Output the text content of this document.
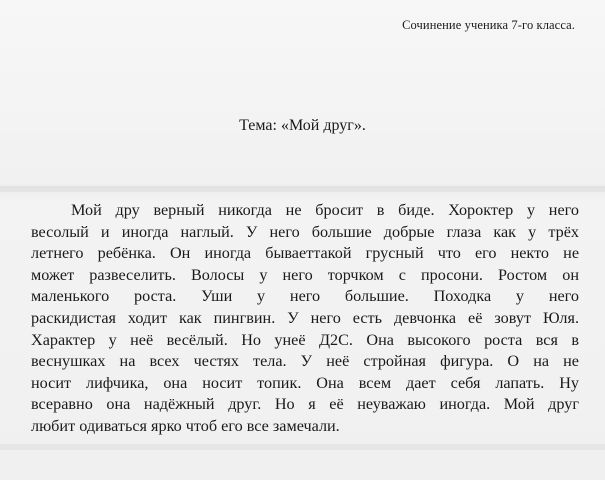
Сочинение ученика 7-го класса.
Тема: «Мой друг».
Мой дру верный никогда не бросит в биде. Хороктер у него
весолый и иногда наглый. У него большие добрые глаза как у трёх
летнего ребёнка. Он иногда бываеттакой грусный что его некто не
может развеселить. Волосы у него торчком с просони. Ростом он
маленького роста. Уши у него большие. Походка у него
раскидистая ходит как пингвин. У него есть девчонка её зовут Юля.
Характер у неё весёлый. Но унеё Д2С. Она высокого роста вся в
веснушках на всех честях тела. У неё стройная фигура. О на не
носит лифчика, она носит топик. Она всем дает себя лапать. Ну
всеравно она надёжный друг. Но я её неуважаю иногда. Мой друг
любит одиваться ярко чтоб его все замечали.
